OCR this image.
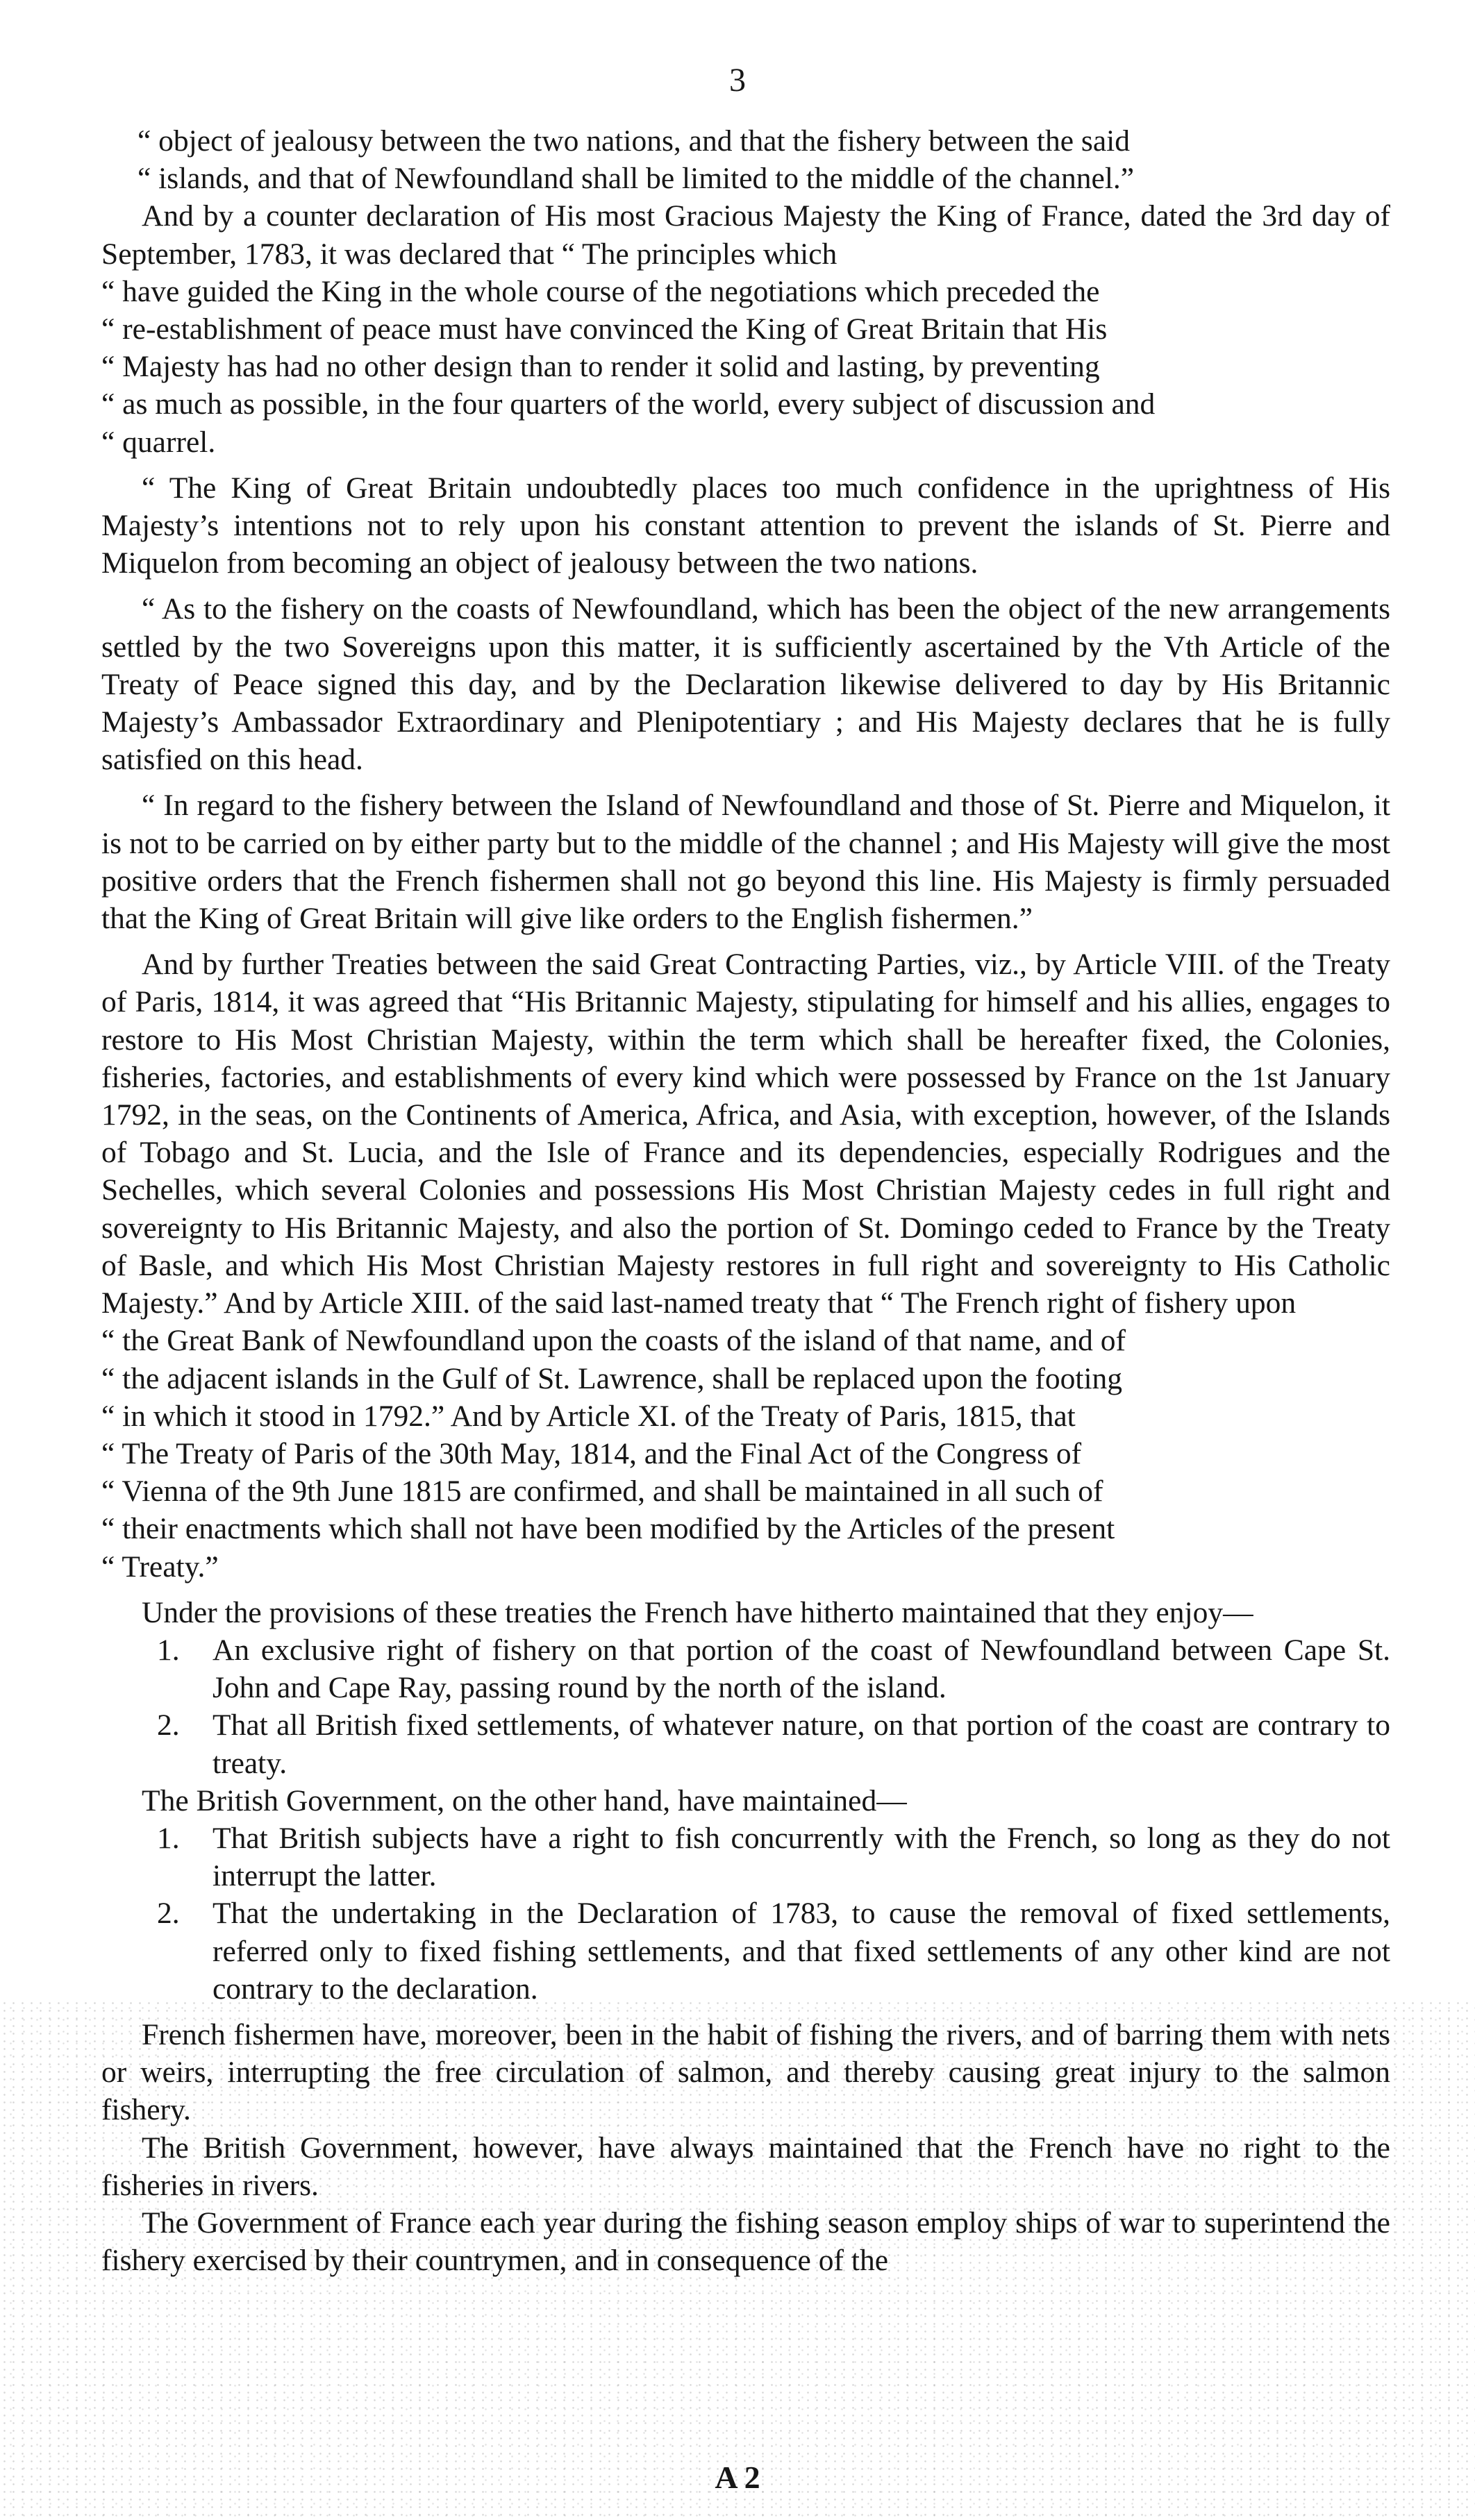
3

“ object of jealousy between the two nations, and that the fishery between the said

“ islands, and that of Newfoundland shall be limited to the middle of the channel.”

And by a counter declaration of His most Gracious Majesty the King of France, dated the 3rd day of September, 1783, it was declared that “ The principles which

“ have guided the King in the whole course of the negotiations which preceded the

“ re-establishment of peace must have convinced the King of Great Britain that His

“ Majesty has had no other design than to render it solid and lasting, by preventing

“ as much as possible, in the four quarters of the world, every subject of discussion and

“ quarrel.

“ The King of Great Britain undoubtedly places too much confidence in the uprightness of His Majesty’s intentions not to rely upon his constant attention to prevent the islands of St. Pierre and Miquelon from becoming an object of jealousy between the two nations.

“ As to the fishery on the coasts of Newfoundland, which has been the object of the new arrangements settled by the two Sovereigns upon this matter, it is sufficiently ascertained by the Vth Article of the Treaty of Peace signed this day, and by the Declaration likewise delivered to day by His Britannic Majesty’s Ambassador Extraordinary and Plenipotentiary ; and His Majesty declares that he is fully satisfied on this head.

“ In regard to the fishery between the Island of Newfoundland and those of St. Pierre and Miquelon, it is not to be carried on by either party but to the middle of the channel ; and His Majesty will give the most positive orders that the French fishermen shall not go beyond this line. His Majesty is firmly persuaded that the King of Great Britain will give like orders to the English fishermen.”

And by further Treaties between the said Great Contracting Parties, viz., by Article VIII. of the Treaty of Paris, 1814, it was agreed that “His Britannic Majesty, stipulating for himself and his allies, engages to restore to His Most Christian Majesty, within the term which shall be hereafter fixed, the Colonies, fisheries, factories, and establishments of every kind which were possessed by France on the 1st January 1792, in the seas, on the Continents of America, Africa, and Asia, with exception, however, of the Islands of Tobago and St. Lucia, and the Isle of France and its dependencies, especially Rodrigues and the Sechelles, which several Colonies and possessions His Most Christian Majesty cedes in full right and sovereignty to His Britannic Majesty, and also the portion of St. Domingo ceded to France by the Treaty of Basle, and which His Most Christian Majesty restores in full right and sovereignty to His Catholic Majesty.” And by Article XIII. of the said last-named treaty that “ The French right of fishery upon

“ the Great Bank of Newfoundland upon the coasts of the island of that name, and of

“ the adjacent islands in the Gulf of St. Lawrence, shall be replaced upon the footing

“ in which it stood in 1792.” And by Article XI. of the Treaty of Paris, 1815, that

“ The Treaty of Paris of the 30th May, 1814, and the Final Act of the Congress of

“ Vienna of the 9th June 1815 are confirmed, and shall be maintained in all such of

“ their enactments which shall not have been modified by the Articles of the present

“ Treaty.”

Under the provisions of these treaties the French have hitherto maintained that they enjoy—

1. An exclusive right of fishery on that portion of the coast of Newfoundland between Cape St. John and Cape Ray, passing round by the north of the island.

2. That all British fixed settlements, of whatever nature, on that portion of the coast are contrary to treaty.

The British Government, on the other hand, have maintained—

1. That British subjects have a right to fish concurrently with the French, so long as they do not interrupt the latter.

2. That the undertaking in the Declaration of 1783, to cause the removal of fixed settlements, referred only to fixed fishing settlements, and that fixed settlements of any other kind are not contrary to the declaration.

French fishermen have, moreover, been in the habit of fishing the rivers, and of barring them with nets or weirs, interrupting the free circulation of salmon, and thereby causing great injury to the salmon fishery.

The British Government, however, have always maintained that the French have no right to the fisheries in rivers.

The Government of France each year during the fishing season employ ships of war to superintend the fishery exercised by their countrymen, and in consequence of the

A 2
